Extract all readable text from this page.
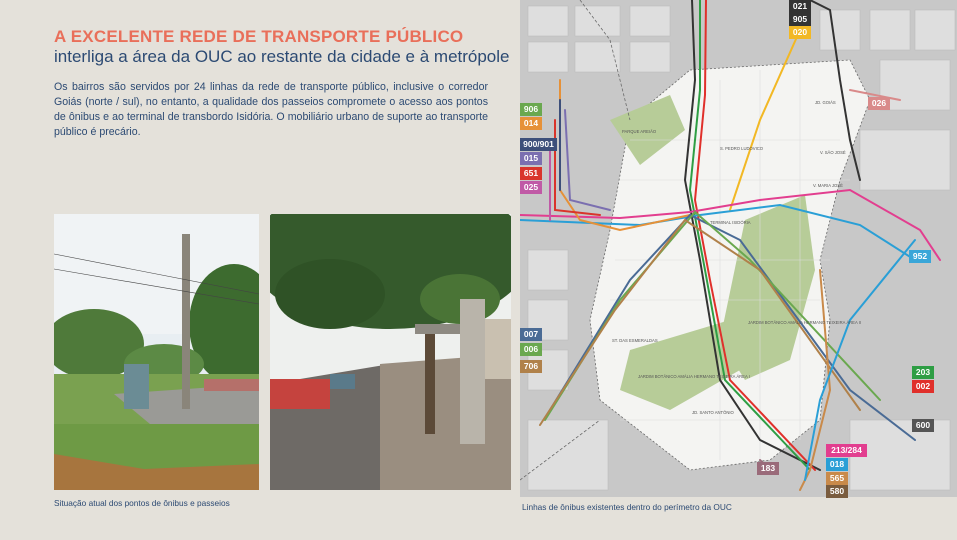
A EXCELENTE REDE DE TRANSPORTE PÚBLICO
interliga a área da OUC ao restante da cidade e à metrópole
Os bairros são servidos por 24 linhas da rede de transporte público, inclusive o corredor Goiás (norte / sul), no entanto, a qualidade dos passeios compromete o acesso aos pontos de ônibus e ao terminal de transbordo Isidória. O mobiliário urbano de suporte ao transporte público é precário.
Situação atual dos pontos de ônibus e passeios
PARQUE AREIÃO
S. PEDRO LUDOVICO
TERMINAL ISIDÓRIA
JARDIM BOTÂNICO AMÁLIA HERMANO TEIXEIRA ÁREA II
JARDIM BOTÂNICO AMÁLIA HERMANO TEIXEIRA ÁREA I
JD. GOIÁS
V. SÃO JOSÉ
V. MARIA JOSÉ
ST. DAS ESMERALDAS
JD. SANTO ANTÔNIO
021
905
020
026
906
014
900/901
015
651
025
952
007
006
706
203
002
600
213/284
018
183
565
580
Linhas de ônibus existentes dentro do perímetro da OUC
